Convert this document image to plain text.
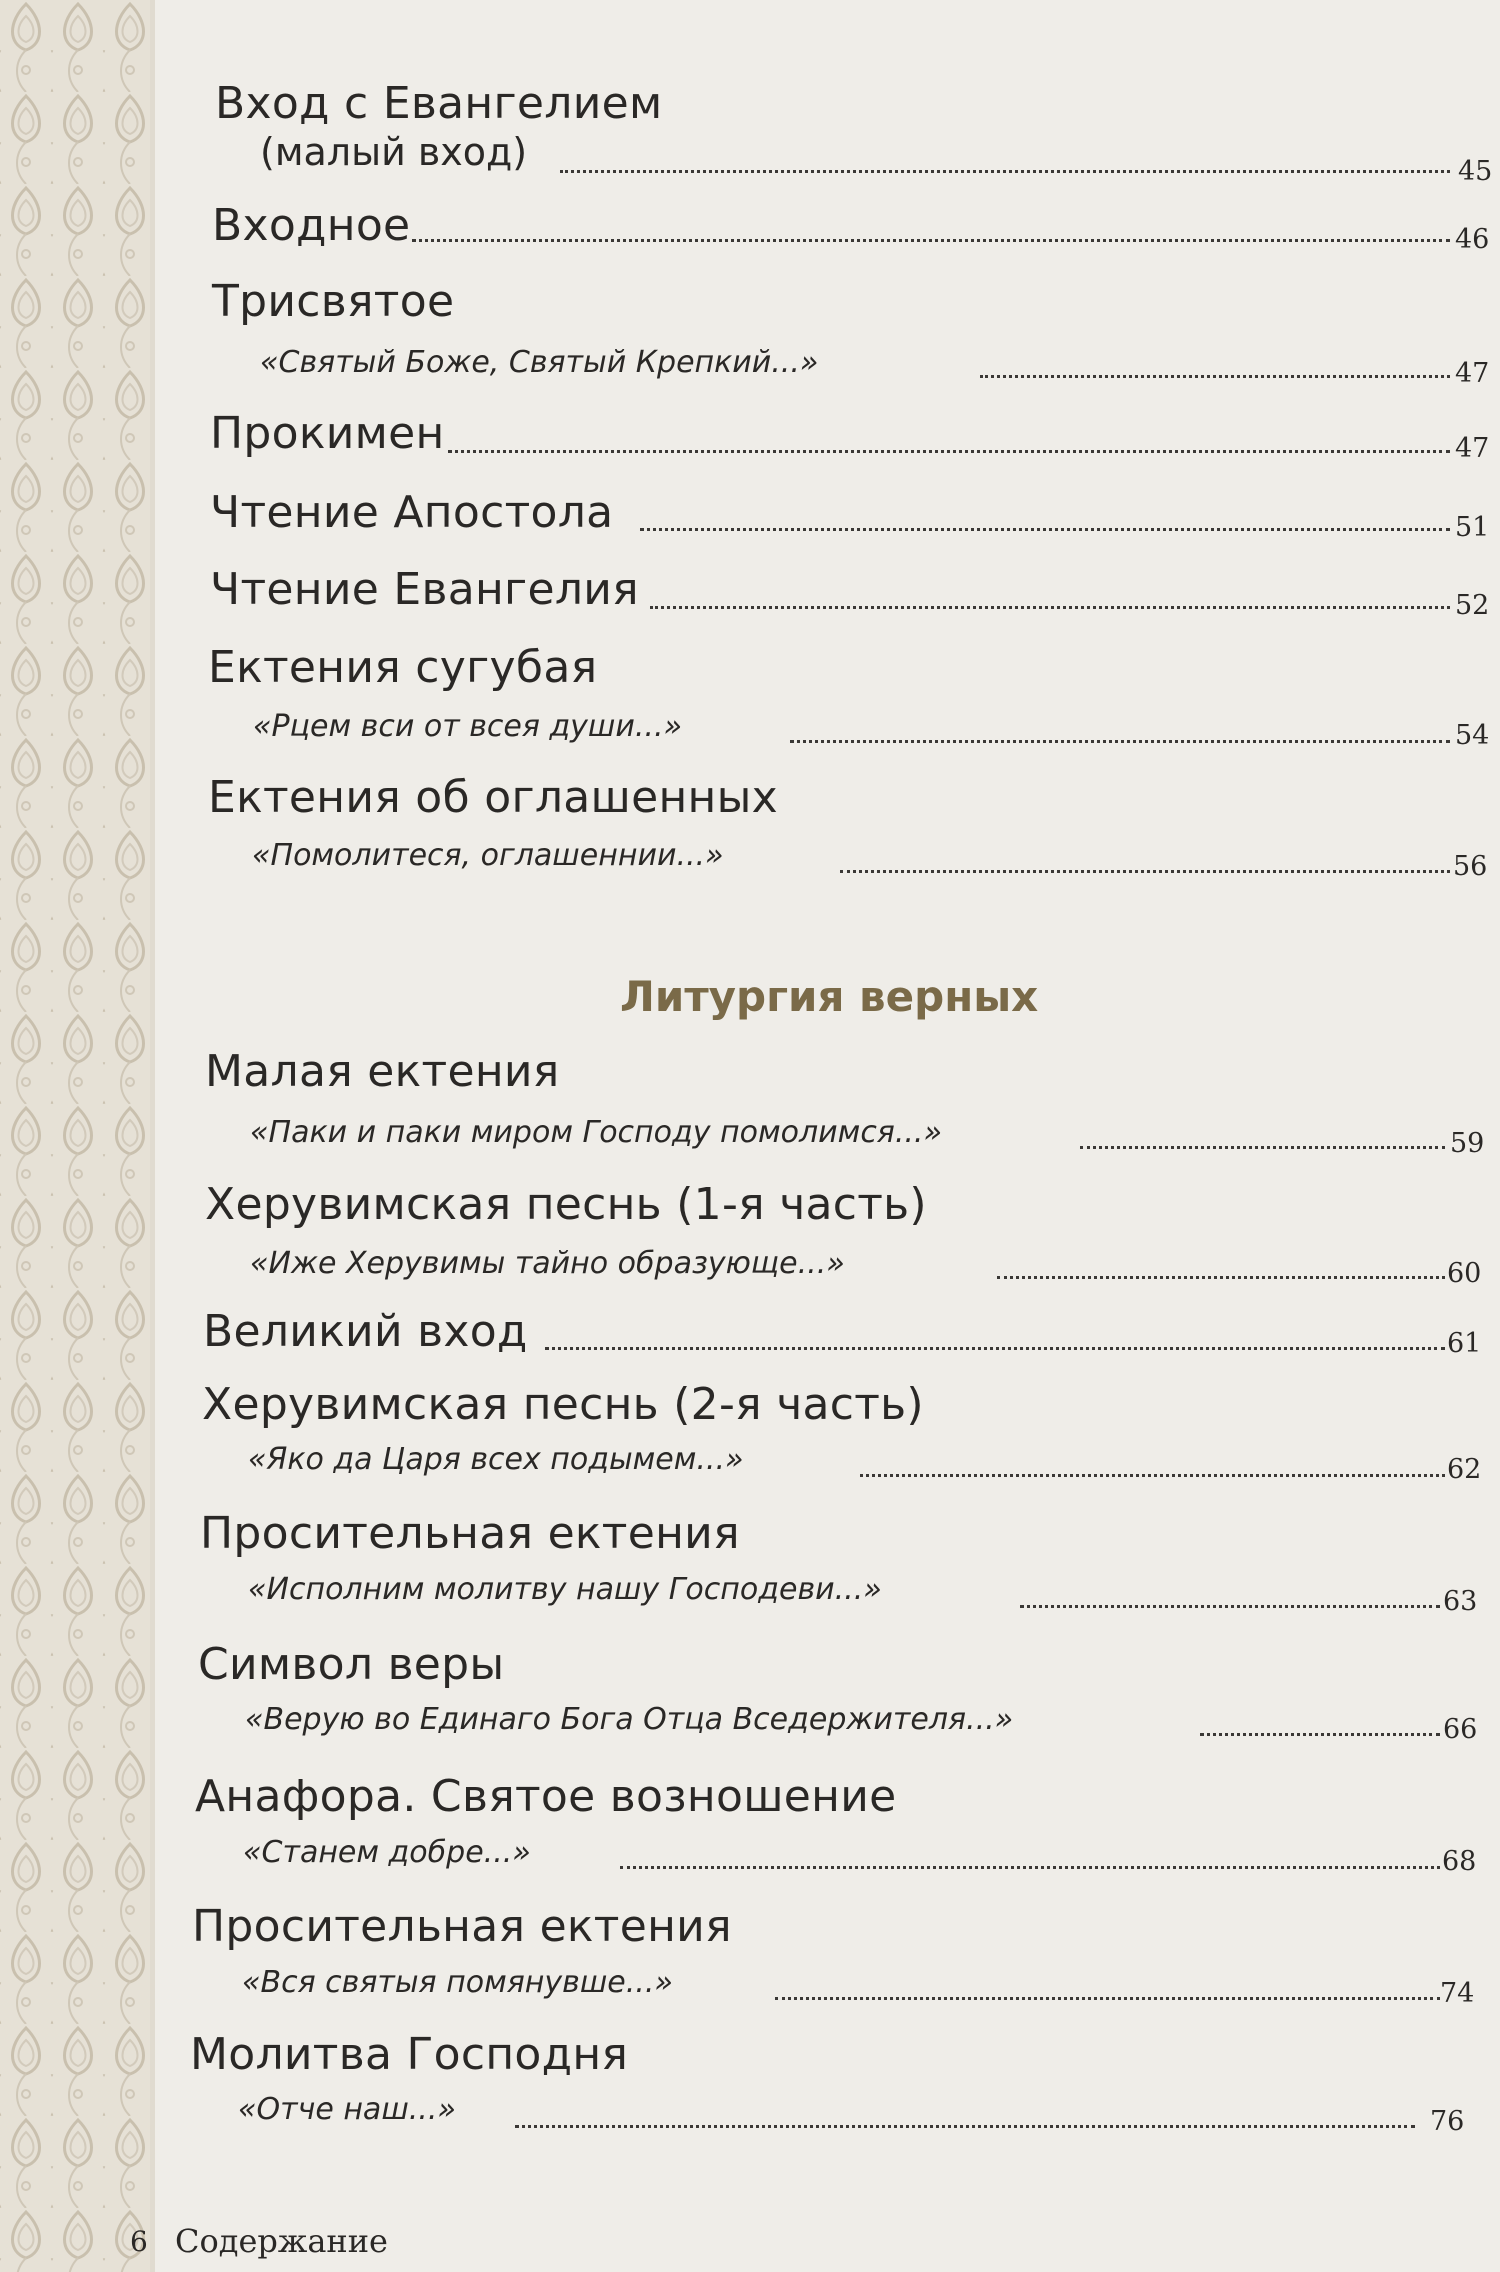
Вход с Евангелием
(малый вход)	45
Входное	46
Трисвятое
«Святый Боже, Святый Крепкий...»	47
Прокимен	47
Чтение Апостола	51
Чтение Евангелия	52
Ектения сугубая
«Рцем вси от всея души...»	54
Ектения об оглашенных
«Помолитеся, оглашеннии...»	56
Литургия верных
Малая ектения
«Паки и паки миром Господу помолимся...»	59
Херувимская песнь (1-я часть)
«Иже Херувимы тайно образующе...»	60
Великий вход	61
Херувимская песнь (2-я часть)
«Яко да Царя всех подымем...»	62
Просительная ектения
«Исполним молитву нашу Господеви...»	63
Символ веры
«Верую во Единаго Бога Отца Вседержителя...»	66
Анафора. Святое возношение
«Станем добре...»	68
Просительная ектения
«Вся святыя помянувше...»	74
Молитва Господня
«Отче наш...»	76
6 Содержание
